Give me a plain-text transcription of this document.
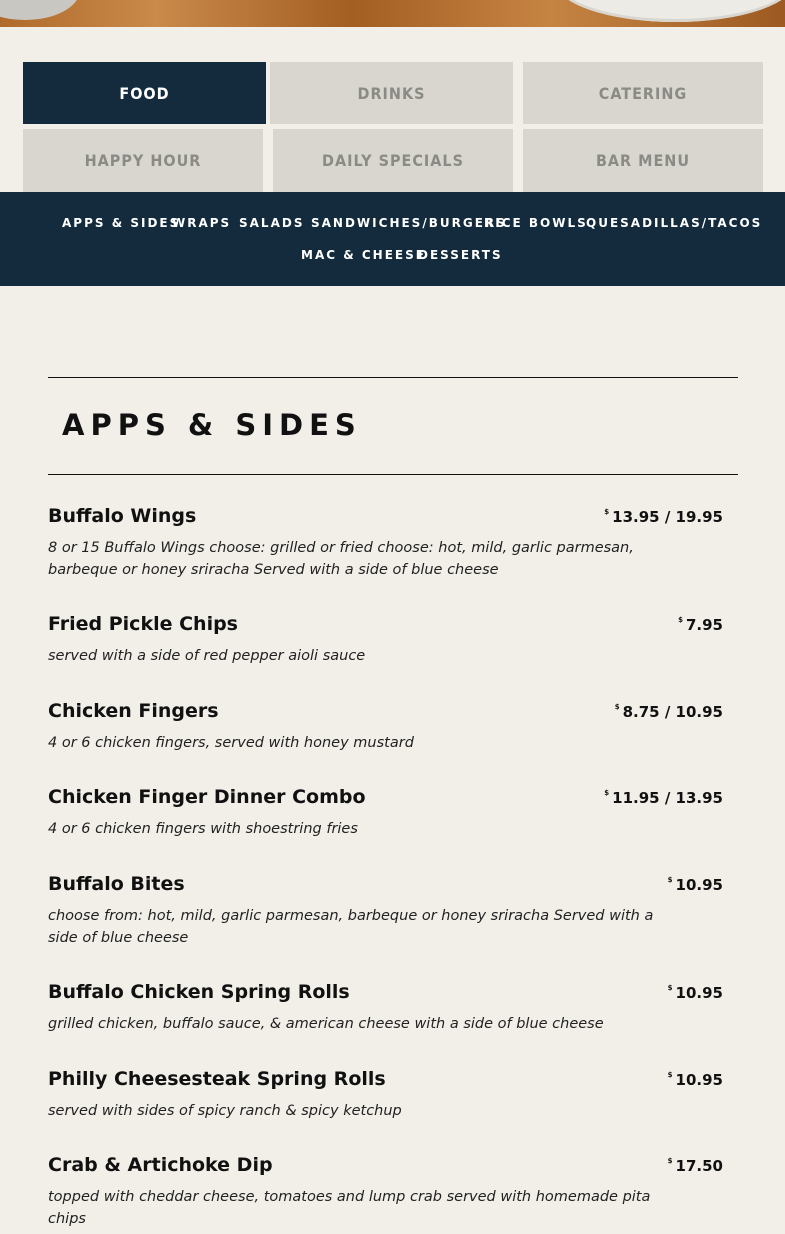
FOOD	DRINKS	CATERING
HAPPY HOUR	DAILY SPECIALS	BAR MENU
APPS & SIDES
WRAPS SALADS SANDWICHES/BURGERS
RICE BOWLS
QUESADILLAS/TACOS
MAC & CHEESE
DESSERTS
APPS & SIDES
Buffalo Wings	$ 13.95 / 19.95
8 or 15 Buffalo Wings choose: grilled or fried choose: hot, mild, garlic parmesan, barbeque or honey sriracha Served with a side of blue cheese
Fried Pickle Chips	$ 7.95
served with a side of red pepper aioli sauce
Chicken Fingers	$ 8.75 / 10.95
4 or 6 chicken fingers, served with honey mustard
Chicken Finger Dinner Combo	$ 11.95 / 13.95
4 or 6 chicken fingers with shoestring fries
Buffalo Bites	$ 10.95
choose from: hot, mild, garlic parmesan, barbeque or honey sriracha Served with a side of blue cheese
Buffalo Chicken Spring Rolls	$ 10.95
grilled chicken, buffalo sauce, & american cheese with a side of blue cheese
Philly Cheesesteak Spring Rolls	$ 10.95
served with sides of spicy ranch & spicy ketchup
Crab & Artichoke Dip	$ 17.50
topped with cheddar cheese, tomatoes and lump crab served with homemade pita chips
